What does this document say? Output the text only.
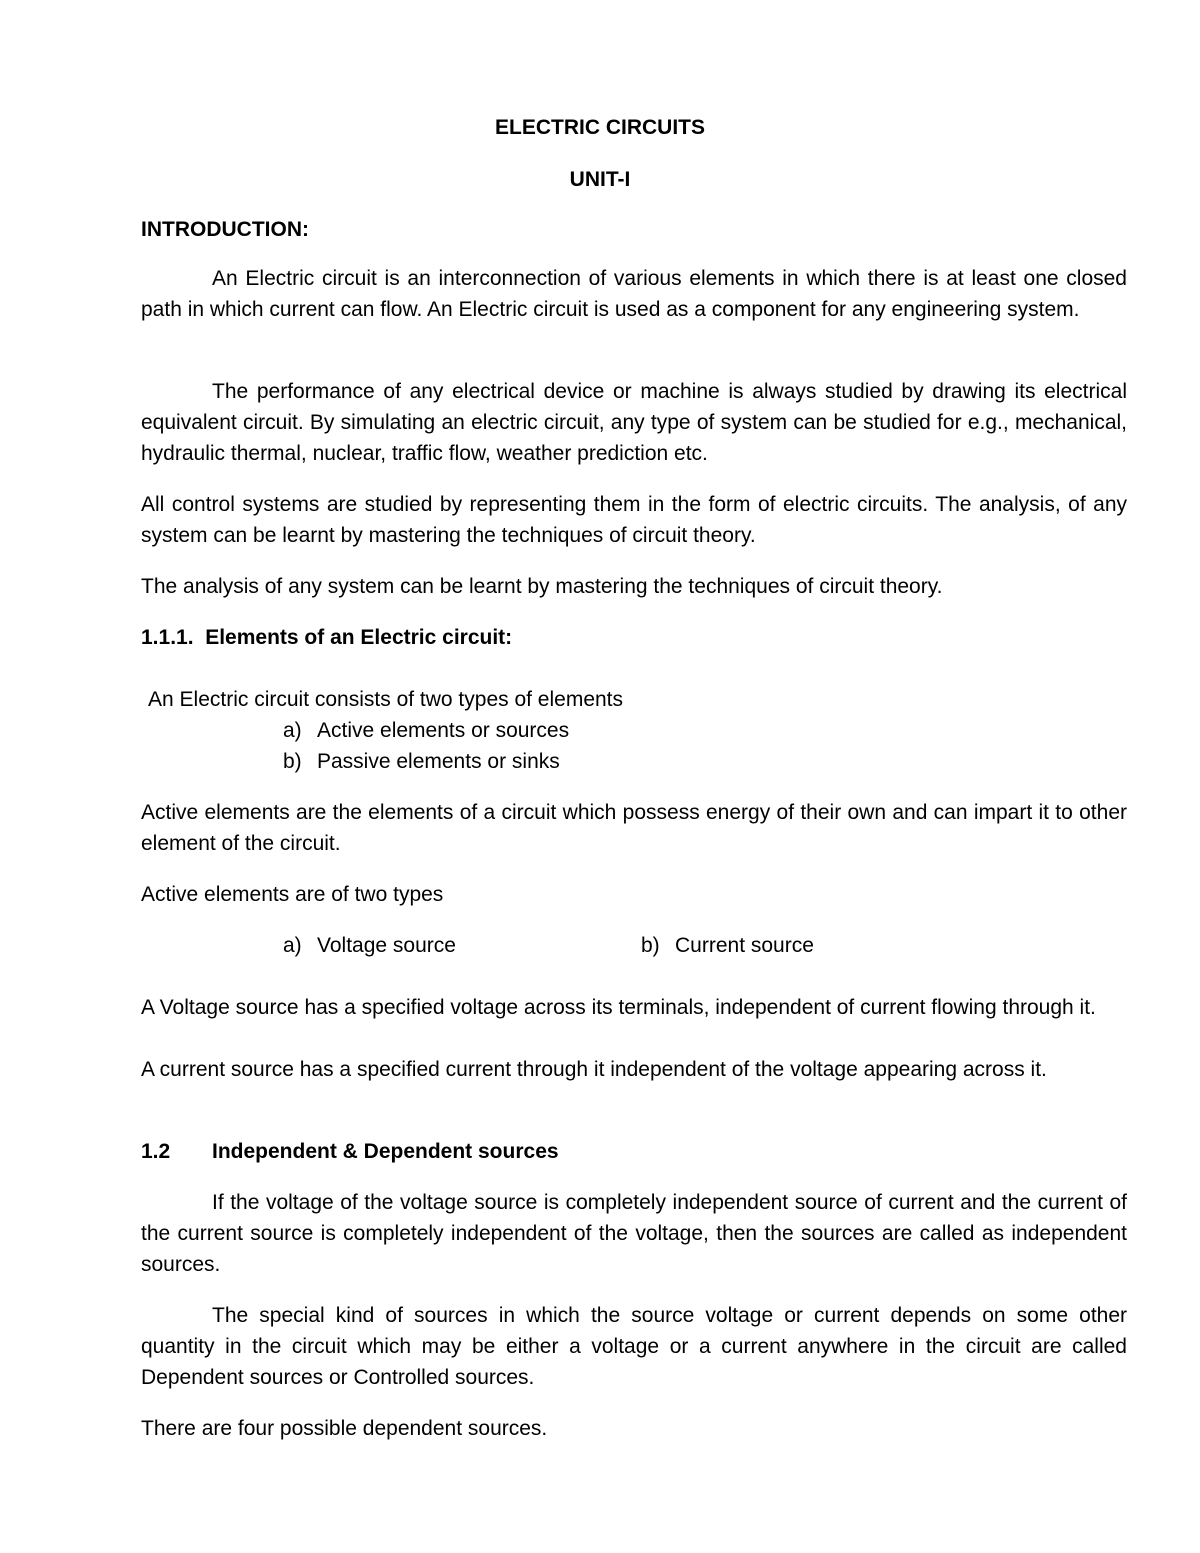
ELECTRIC CIRCUITS
UNIT-I
INTRODUCTION:
An Electric circuit is an interconnection of various elements in which there is at least one closed path in which current can flow. An Electric circuit is used as a component for any engineering system.
The performance of any electrical device or machine is always studied by drawing its electrical equivalent circuit. By simulating an electric circuit, any type of system can be studied for e.g., mechanical, hydraulic thermal, nuclear, traffic flow, weather prediction etc.
All control systems are studied by representing them in the form of electric circuits. The analysis, of any system can be learnt by mastering the techniques of circuit theory.
The analysis of any system can be learnt by mastering the techniques of circuit theory.
1.1.1. Elements of an Electric circuit:
An Electric circuit consists of two types of elements
a) Active elements or sources
b) Passive elements or sinks
Active elements are the elements of a circuit which possess energy of their own and can impart it to other element of the circuit.
Active elements are of two types
a) Voltage source	b) Current source
A Voltage source has a specified voltage across its terminals, independent of current flowing through it.
A current source has a specified current through it independent of the voltage appearing across it.
1.2 Independent & Dependent sources
If the voltage of the voltage source is completely independent source of current and the current of the current source is completely independent of the voltage, then the sources are called as independent sources.
The special kind of sources in which the source voltage or current depends on some other quantity in the circuit which may be either a voltage or a current anywhere in the circuit are called Dependent sources or Controlled sources.
There are four possible dependent sources.
